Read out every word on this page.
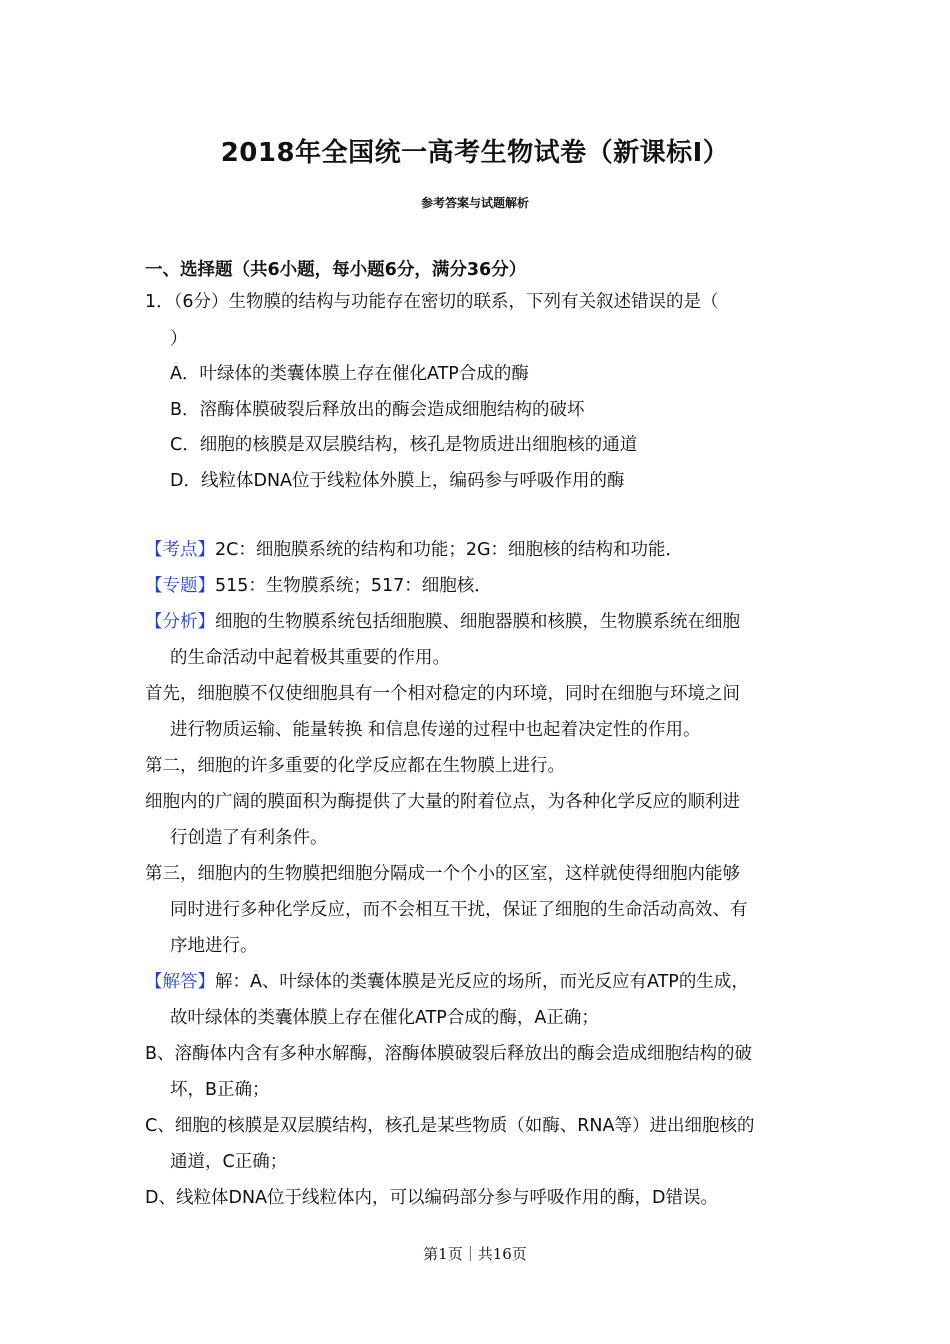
2018年全国统一高考生物试卷（新课标Ⅰ）
参考答案与试题解析
一、选择题（共6小题，每小题6分，满分36分）
1．（6分）生物膜的结构与功能存在密切的联系，下列有关叙述错误的是（
）
A．叶绿体的类囊体膜上存在催化ATP合成的酶
B．溶酶体膜破裂后释放出的酶会造成细胞结构的破坏
C．细胞的核膜是双层膜结构，核孔是物质进出细胞核的通道
D．线粒体DNA位于线粒体外膜上，编码参与呼吸作用的酶
【考点】2C：细胞膜系统的结构和功能；2G：细胞核的结构和功能．
【专题】515：生物膜系统；517：细胞核．
【分析】细胞的生物膜系统包括细胞膜、细胞器膜和核膜，生物膜系统在细胞
的生命活动中起着极其重要的作用。
首先，细胞膜不仅使细胞具有一个相对稳定的内环境，同时在细胞与环境之间
进行物质运输、能量转换 和信息传递的过程中也起着决定性的作用。
第二，细胞的许多重要的化学反应都在生物膜上进行。
细胞内的广阔的膜面积为酶提供了大量的附着位点，为各种化学反应的顺利进
行创造了有利条件。
第三，细胞内的生物膜把细胞分隔成一个个小的区室，这样就使得细胞内能够
同时进行多种化学反应，而不会相互干扰，保证了细胞的生命活动高效、有
序地进行。
【解答】解：A、叶绿体的类囊体膜是光反应的场所，而光反应有ATP的生成，
故叶绿体的类囊体膜上存在催化ATP合成的酶，A正确；
B、溶酶体内含有多种水解酶，溶酶体膜破裂后释放出的酶会造成细胞结构的破
坏，B正确；
C、细胞的核膜是双层膜结构，核孔是某些物质（如酶、RNA等）进出细胞核的
通道，C正确；
D、线粒体DNA位于线粒体内，可以编码部分参与呼吸作用的酶，D错误。
第1页｜共16页
